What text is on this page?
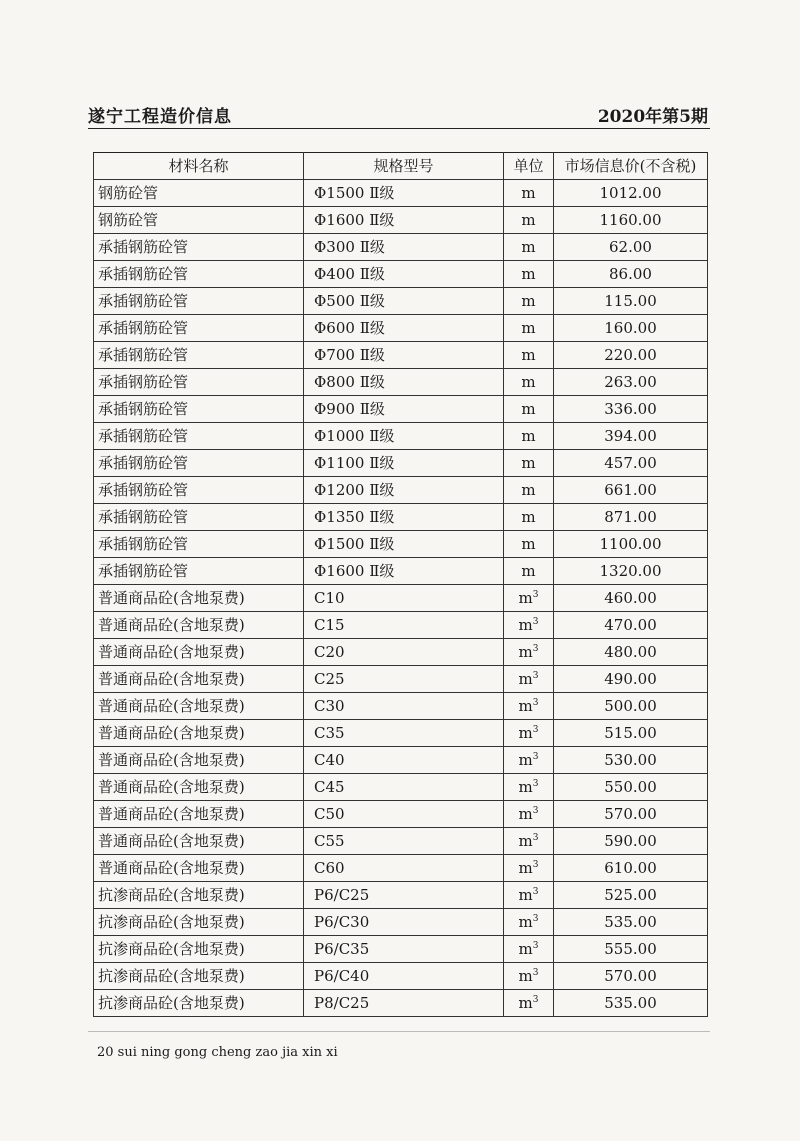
遂宁工程造价信息	2020年第5期
材料名称	规格型号	单位	市场信息价(不含税)
钢筋砼管	Φ1500 Ⅱ级	m	1012.00
钢筋砼管	Φ1600 Ⅱ级	m	1160.00
承插钢筋砼管	Φ300 Ⅱ级	m	62.00
承插钢筋砼管	Φ400 Ⅱ级	m	86.00
承插钢筋砼管	Φ500 Ⅱ级	m	115.00
承插钢筋砼管	Φ600 Ⅱ级	m	160.00
承插钢筋砼管	Φ700 Ⅱ级	m	220.00
承插钢筋砼管	Φ800 Ⅱ级	m	263.00
承插钢筋砼管	Φ900 Ⅱ级	m	336.00
承插钢筋砼管	Φ1000 Ⅱ级	m	394.00
承插钢筋砼管	Φ1100 Ⅱ级	m	457.00
承插钢筋砼管	Φ1200 Ⅱ级	m	661.00
承插钢筋砼管	Φ1350 Ⅱ级	m	871.00
承插钢筋砼管	Φ1500 Ⅱ级	m	1100.00
承插钢筋砼管	Φ1600 Ⅱ级	m	1320.00
普通商品砼(含地泵费)	C10	$m^3$	460.00
普通商品砼(含地泵费)	C15	$m^3$	470.00
普通商品砼(含地泵费)	C20	$m^3$	480.00
普通商品砼(含地泵费)	C25	$m^3$	490.00
普通商品砼(含地泵费)	C30	$m^3$	500.00
普通商品砼(含地泵费)	C35	$m^3$	515.00
普通商品砼(含地泵费)	C40	$m^3$	530.00
普通商品砼(含地泵费)	C45	$m^3$	550.00
普通商品砼(含地泵费)	C50	$m^3$	570.00
普通商品砼(含地泵费)	C55	$m^3$	590.00
普通商品砼(含地泵费)	C60	$m^3$	610.00
抗渗商品砼(含地泵费)	P6/C25	$m^3$	525.00
抗渗商品砼(含地泵费)	P6/C30	$m^3$	535.00
抗渗商品砼(含地泵费)	P6/C35	$m^3$	555.00
抗渗商品砼(含地泵费)	P6/C40	$m^3$	570.00
抗渗商品砼(含地泵费)	P8/C25	$m^3$	535.00
20 sui ning gong cheng zao jia xin xi
